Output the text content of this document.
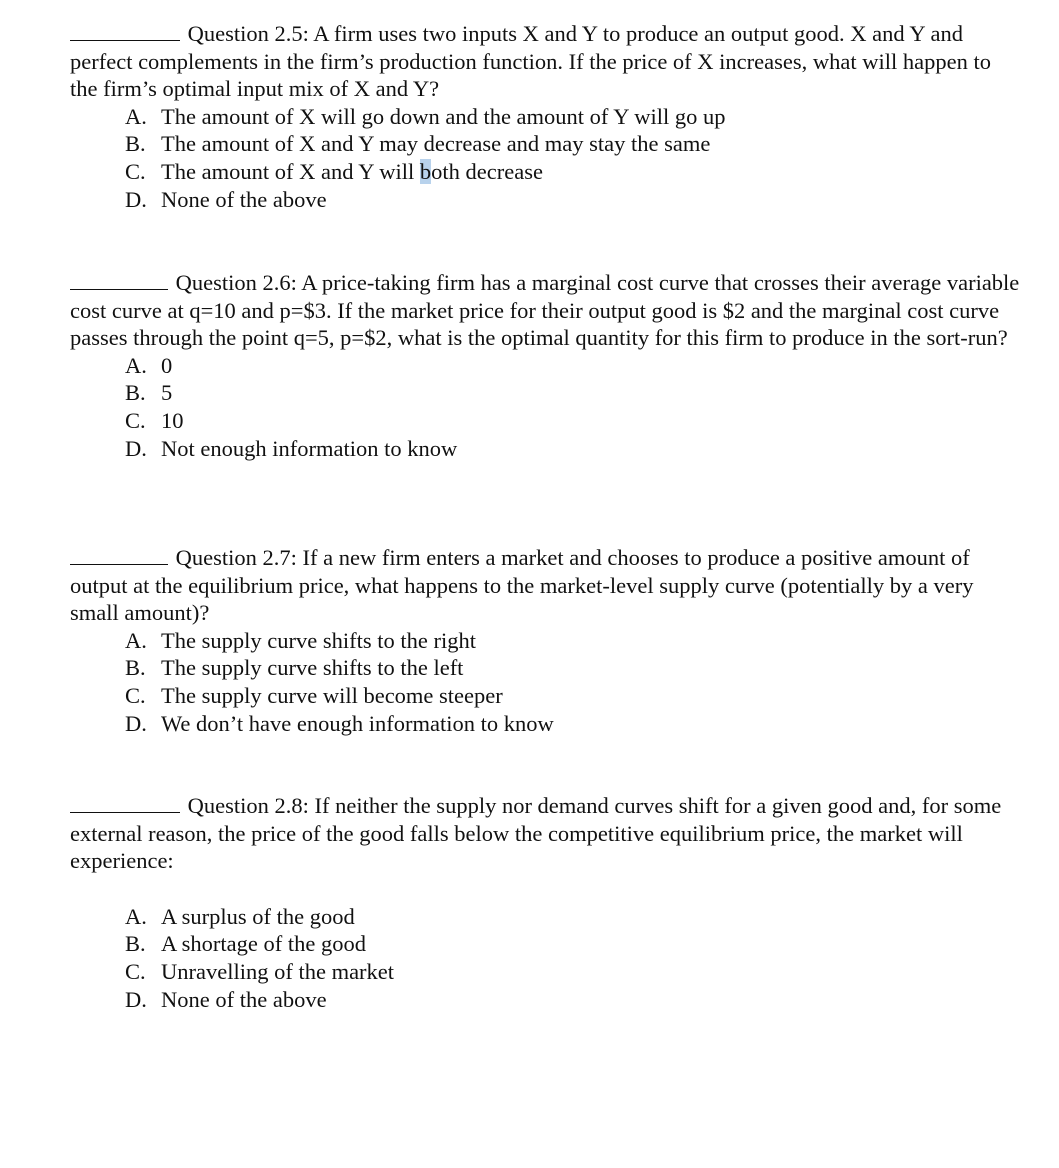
Question 2.5: A firm uses two inputs X and Y to produce an output good. X and Y and perfect complements in the firm’s production function. If the price of X increases, what will happen to the firm’s optimal input mix of X and Y?

A. The amount of X will go down and the amount of Y will go up
B. The amount of X and Y may decrease and may stay the same
C. The amount of X and Y will both decrease
D. None of the above

Question 2.6: A price-taking firm has a marginal cost curve that crosses their average variable cost curve at q=10 and p=$3. If the market price for their output good is $2 and the marginal cost curve passes through the point q=5, p=$2, what is the optimal quantity for this firm to produce in the sort-run?

A. 0
B. 5
C. 10
D. Not enough information to know

Question 2.7: If a new firm enters a market and chooses to produce a positive amount of output at the equilibrium price, what happens to the market-level supply curve (potentially by a very small amount)?

A. The supply curve shifts to the right
B. The supply curve shifts to the left
C. The supply curve will become steeper
D. We don’t have enough information to know

Question 2.8: If neither the supply nor demand curves shift for a given good and, for some external reason, the price of the good falls below the competitive equilibrium price, the market will experience:

A. A surplus of the good
B. A shortage of the good
C. Unravelling of the market
D. None of the above
